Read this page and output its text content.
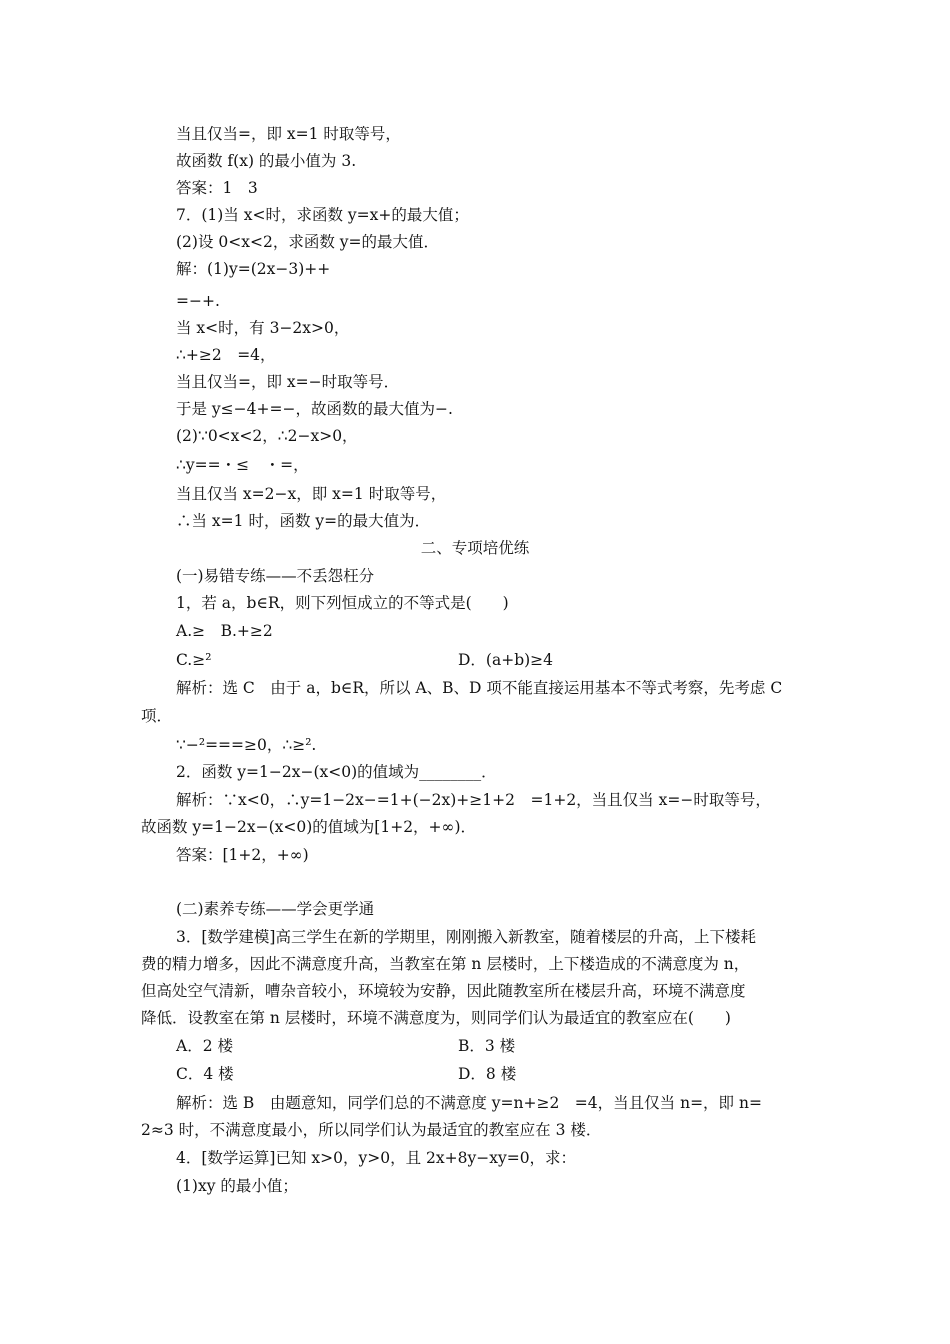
当且仅当=，即 x=1 时取等号，
故函数 f(x) 的最小值为 3.
答案：1　3
7．(1)当 x<时，求函数 y=x+的最大值；
(2)设 0<x<2，求函数 y=的最大值．
解：(1)y=(2x−3)++
=−+.
当 x<时，有 3−2x>0，
∴+≥2　=4，
当且仅当=，即 x=−时取等号．
于是 y≤−4+=−，故函数的最大值为−.
(2)∵0<x<2，∴2−x>0，
∴y==・≤　・=，
当且仅当 x=2−x，即 x=1 时取等号，
∴当 x=1 时，函数 y=的最大值为．
二、专项培优练
(一)易错专练——不丢怨枉分
1，若 a，b∈R，则下列恒成立的不等式是(　　)
A.≥　B.+≥2
C.≥²	D．(a+b)≥4
解析：选 C　由于 a，b∈R，所以 A、B、D 项不能直接运用基本不等式考察，先考虑 C
项．
∵−²===≥0，∴≥².
2．函数 y=1−2x−(x<0)的值域为________．
解析：∵x<0，∴y=1−2x−=1+(−2x)+≥1+2　=1+2，当且仅当 x=−时取等号，
故函数 y=1−2x−(x<0)的值域为[1+2，+∞)．
答案：[1+2，+∞)
(二)素养专练——学会更学通
3．[数学建模]高三学生在新的学期里，刚刚搬入新教室，随着楼层的升高，上下楼耗
费的精力增多，因此不满意度升高，当教室在第 n 层楼时，上下楼造成的不满意度为 n，
但高处空气清新，嘈杂音较小，环境较为安静，因此随教室所在楼层升高，环境不满意度
降低．设教室在第 n 层楼时，环境不满意度为，则同学们认为最适宜的教室应在(　　)
A．2 楼	B．3 楼
C．4 楼	D．8 楼
解析：选 B　由题意知，同学们总的不满意度 y=n+≥2　=4，当且仅当 n=，即 n=
2≈3 时，不满意度最小，所以同学们认为最适宜的教室应在 3 楼．
4．[数学运算]已知 x>0，y>0，且 2x+8y−xy=0，求：
(1)xy 的最小值；
